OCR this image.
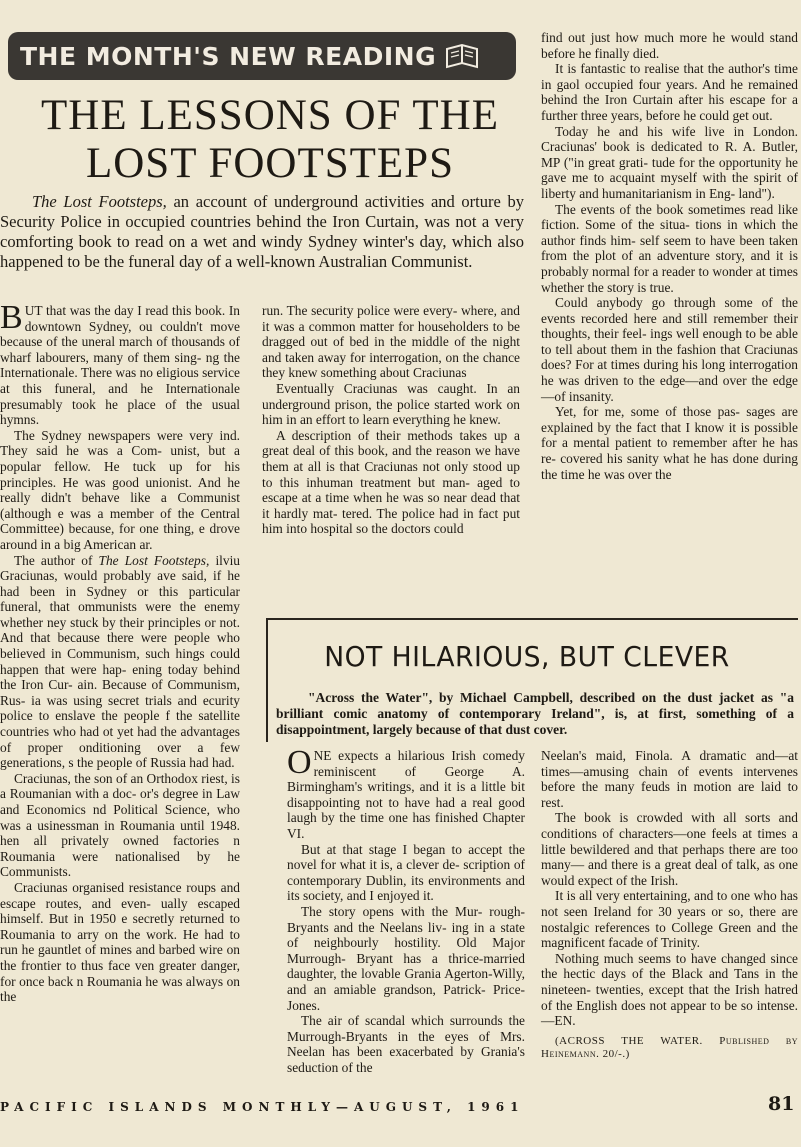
THE MONTH'S NEW READING
THE LESSONS OF THE
LOST FOOTSTEPS
The Lost Footsteps, an account of underground activities and orture by Security Police in occupied countries behind the Iron Curtain, was not a very comforting book to read on a wet and windy Sydney winter's day, which also happened to be the funeral day of a well-known Australian Communist.

BUT that was the day I read this book. In downtown Sydney, ou couldn't move because of the uneral march of thousands of wharf labourers, many of them sing- ng the Internationale. There was no eligious service at this funeral, and he Internationale presumably took he place of the usual hymns.

The Sydney newspapers were very ind. They said he was a Com- unist, but a popular fellow. He tuck up for his principles. He was good unionist. And he really didn't behave like a Communist (although e was a member of the Central Committee) because, for one thing, e drove around in a big American ar.

The author of The Lost Footsteps, ilviu Graciunas, would probably ave said, if he had been in Sydney or this particular funeral, that ommunists were the enemy whether ney stuck by their principles or not. And that because there were people who believed in Communism, such hings could happen that were hap- ening today behind the Iron Cur- ain. Because of Communism, Rus- ia was using secret trials and ecurity police to enslave the people f the satellite countries who had ot yet had the advantages of proper onditioning over a few generations, s the people of Russia had had.

Craciunas, the son of an Orthodox riest, is a Roumanian with a doc- or's degree in Law and Economics nd Political Science, who was a usinessman in Roumania until 1948. hen all privately owned factories n Roumania were nationalised by he Communists.

Craciunas organised resistance roups and escape routes, and even- ually escaped himself. But in 1950 e secretly returned to Roumania to arry on the work. He had to run he gauntlet of mines and barbed wire on the frontier to thus face ven greater danger, for once back n Roumania he was always on the

run. The security police were every- where, and it was a common matter for householders to be dragged out of bed in the middle of the night and taken away for interrogation, on the chance they knew something about Craciunas

Eventually Craciunas was caught. In an underground prison, the police started work on him in an effort to learn everything he knew.

A description of their methods takes up a great deal of this book, and the reason we have them at all is that Craciunas not only stood up to this inhuman treatment but man- aged to escape at a time when he was so near dead that it hardly mat- tered. The police had in fact put him into hospital so the doctors could

find out just how much more he would stand before he finally died.

It is fantastic to realise that the author's time in gaol occupied four years. And he remained behind the Iron Curtain after his escape for a further three years, before he could get out.

Today he and his wife live in London. Craciunas' book is dedicated to R. A. Butler, MP ("in great grati- tude for the opportunity he gave me to acquaint myself with the spirit of liberty and humanitarianism in Eng- land").

The events of the book sometimes read like fiction. Some of the situa- tions in which the author finds him- self seem to have been taken from the plot of an adventure story, and it is probably normal for a reader to wonder at times whether the story is true.

Could anybody go through some of the events recorded here and still remember their thoughts, their feel- ings well enough to be able to tell about them in the fashion that Craciunas does? For at times during his long interrogation he was driven to the edge—and over the edge—of insanity.

Yet, for me, some of those pas- sages are explained by the fact that I know it is possible for a mental patient to remember after he has re- covered his sanity what he has done during the time he was over the

NOT HILARIOUS, BUT CLEVER
"Across the Water", by Michael Campbell, described on the dust jacket as "a brilliant comic anatomy of contemporary Ireland", is, at first, something of a disappointment, largely because of that dust cover.

ONE expects a hilarious Irish comedy reminiscent of George A. Birmingham's writings, and it is a little bit disappointing not to have had a real good laugh by the time one has finished Chapter VI.

But at that stage I began to accept the novel for what it is, a clever de- scription of contemporary Dublin, its environments and its society, and I enjoyed it.

The story opens with the Mur- rough-Bryants and the Neelans liv- ing in a state of neighbourly hostility. Old Major Murrough- Bryant has a thrice-married daughter, the lovable Grania Agerton-Willy, and an amiable grandson, Patrick- Price-Jones.

The air of scandal which surrounds the Murrough-Bryants in the eyes of Mrs. Neelan has been exacerbated by Grania's seduction of the

Neelan's maid, Finola. A dramatic and—at times—amusing chain of events intervenes before the many feuds in motion are laid to rest.

The book is crowded with all sorts and conditions of characters—one feels at times a little bewildered and that perhaps there are too many— and there is a great deal of talk, as one would expect of the Irish.

It is all very entertaining, and to one who has not seen Ireland for 30 years or so, there are nostalgic references to College Green and the magnificent facade of Trinity.

Nothing much seems to have changed since the hectic days of the Black and Tans in the nineteen- twenties, except that the Irish hatred of the English does not appear to be so intense.—EN.

(ACROSS THE WATER. Published by Heinemann. 20/-.)

PACIFIC ISLANDS MONTHLY—AUGUST, 1961	81
